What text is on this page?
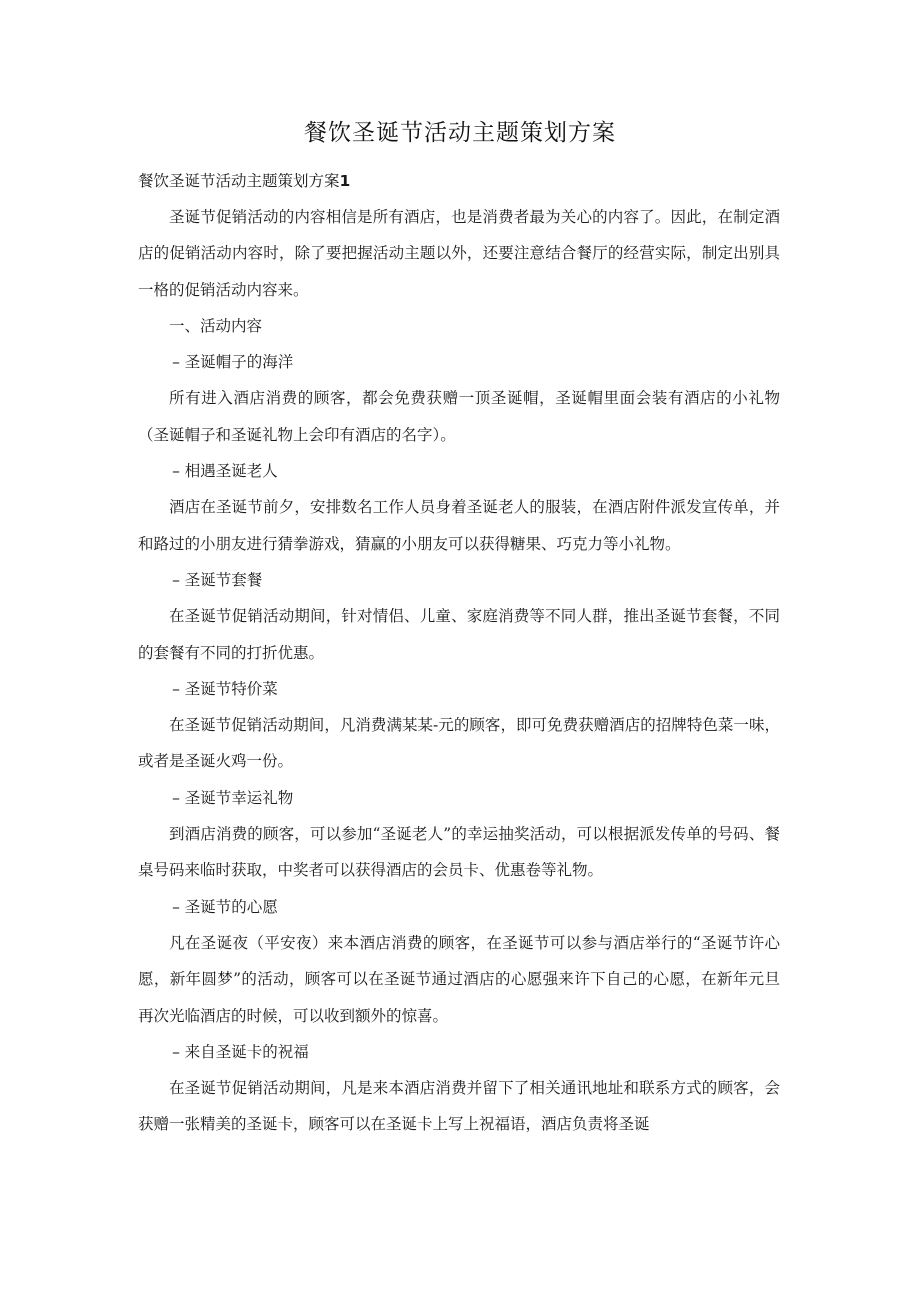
餐饮圣诞节活动主题策划方案

餐饮圣诞节活动主题策划方案1

圣诞节促销活动的内容相信是所有酒店，也是消费者最为关心的内容了。因此，在制定酒店的促销活动内容时，除了要把握活动主题以外，还要注意结合餐厅的经营实际，制定出别具一格的促销活动内容来。

一、活动内容

– 圣诞帽子的海洋

所有进入酒店消费的顾客，都会免费获赠一顶圣诞帽，圣诞帽里面会装有酒店的小礼物（圣诞帽子和圣诞礼物上会印有酒店的名字）。

– 相遇圣诞老人

酒店在圣诞节前夕，安排数名工作人员身着圣诞老人的服装，在酒店附件派发宣传单，并和路过的小朋友进行猜拳游戏，猜赢的小朋友可以获得糖果、巧克力等小礼物。

– 圣诞节套餐

在圣诞节促销活动期间，针对情侣、儿童、家庭消费等不同人群，推出圣诞节套餐，不同的套餐有不同的打折优惠。

– 圣诞节特价菜

在圣诞节促销活动期间，凡消费满某某-元的顾客，即可免费获赠酒店的招牌特色菜一味，或者是圣诞火鸡一份。

– 圣诞节幸运礼物

到酒店消费的顾客，可以参加“圣诞老人”的幸运抽奖活动，可以根据派发传单的号码、餐桌号码来临时获取，中奖者可以获得酒店的会员卡、优惠卷等礼物。

– 圣诞节的心愿

凡在圣诞夜（平安夜）来本酒店消费的顾客，在圣诞节可以参与酒店举行的“圣诞节许心愿，新年圆梦”的活动，顾客可以在圣诞节通过酒店的心愿强来许下自己的心愿，在新年元旦再次光临酒店的时候，可以收到额外的惊喜。

– 来自圣诞卡的祝福

在圣诞节促销活动期间，凡是来本酒店消费并留下了相关通讯地址和联系方式的顾客，会获赠一张精美的圣诞卡，顾客可以在圣诞卡上写上祝福语，酒店负责将圣诞
